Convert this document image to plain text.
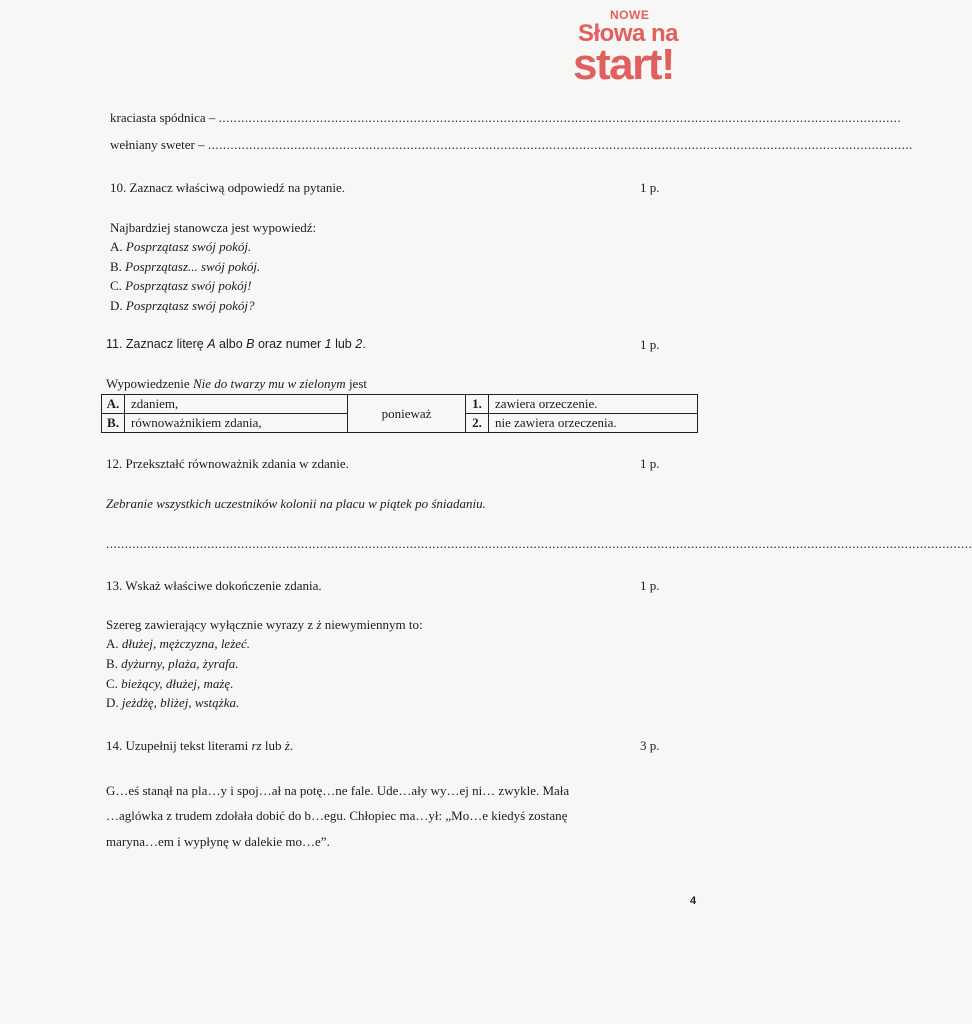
NOWE
Słowa na
start!
kraciasta spódnica – ......................................................................................................................................................................................
wełniany sweter – ............................................................................................................................................................................................
10. Zaznacz właściwą odpowiedź na pytanie.	1 p.
Najbardziej stanowcza jest wypowiedź:
A. Posprzątasz swój pokój.
B. Posprzątasz... swój pokój.
C. Posprzątasz swój pokój!
D. Posprzątasz swój pokój?
11. Zaznacz literę A albo B oraz numer 1 lub 2.	1 p.
Wypowiedzenie Nie do twarzy mu w zielonym jest
A.	zdaniem,	ponieważ	1.	zawiera orzeczenie.
B.	równoważnikiem zdania,		2.	nie zawiera orzeczenia.
12. Przekształć równoważnik zdania w zdanie.	1 p.
Zebranie wszystkich uczestników kolonii na placu w piątek po śniadaniu.
.......................................................................................................................................................................................................................................
13. Wskaż właściwe dokończenie zdania.	1 p.
Szereg zawierający wyłącznie wyrazy z ż niewymiennym to:
A. dłużej, mężczyzna, leżeć.
B. dyżurny, plaża, żyrafa.
C. bieżący, dłużej, mażę.
D. jeżdżę, bliżej, wstążka.
14. Uzupełnij tekst literami rz lub ż.	3 p.
G…eś stanął na pla…y i spoj…ał na potę…ne fale. Ude…ały wy…ej ni… zwykle. Mała
…aglówka z trudem zdołała dobić do b…egu. Chłopiec ma…ył: „Mo…e kiedyś zostanę
maryna…em i wypłynę w dalekie mo…e”.
4
